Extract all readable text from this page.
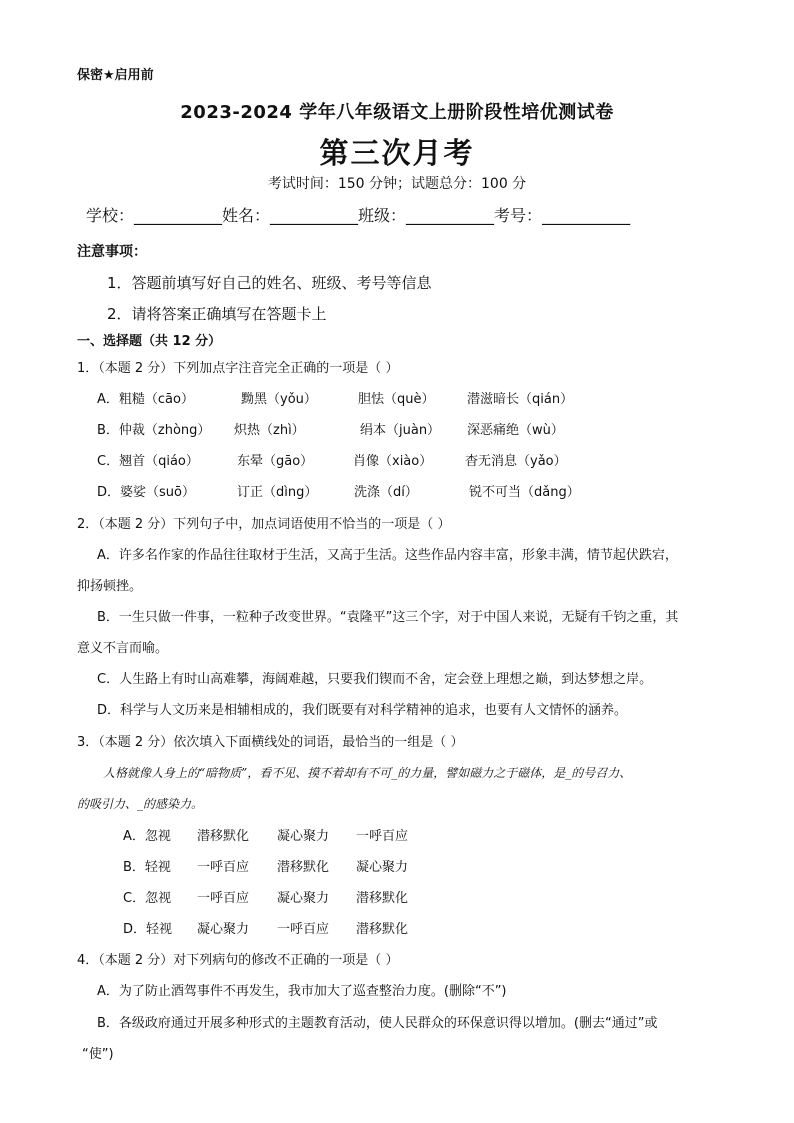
保密★启用前
2023-2024 学年八年级语文上册阶段性培优测试卷
第三次月考
考试时间：150 分钟；试题总分：100 分
学校：___________姓名：___________班级：___________考号：___________
注意事项：
1．答题前填写好自己的姓名、班级、考号等信息
2．请将答案正确填写在答题卡上
一、选择题（共 12 分）
1．（本题 2 分）下列加点字注音完全正确的一项是（ ）
A．粗糙（cāo）	黝黑（yǒu）	胆怯（què）	潜滋暗长（qián）
B．仲裁（zhòng） 炽热（zhì）	绢本（juàn） 深恶痛绝（wù）
C．翘首（qiáo）	东晕（gāo）	肖像（xiào）	杳无消息（yǎo）
D．婆娑（suō）	订正（dìng）	洗涤（dí）	锐不可当（dǎng）
2．（本题 2 分）下列句子中，加点词语使用不恰当的一项是（ ）
A．许多名作家的作品往往取材于生活，又高于生活。这些作品内容丰富，形象丰满，情节起伏跌宕，
抑扬顿挫。
B．一生只做一件事，一粒种子改变世界。“袁隆平”这三个字，对于中国人来说，无疑有千钧之重，其
意义不言而喻。
C．人生路上有时山高难攀，海阔难越，只要我们锲而不舍，定会登上理想之巅，到达梦想之岸。
D．科学与人文历来是相辅相成的，我们既要有对科学精神的追求，也要有人文情怀的涵养。
3．（本题 2 分）依次填入下面横线处的词语，最恰当的一组是（ ）
人格就像人身上的“暗物质”，看不见、摸不着却有不可_的力量，譬如磁力之于磁体，是_的号召力、
的吸引力、_的感染力。
A．忽视 潜移默化 凝心聚力 一呼百应
B．轻视 一呼百应 潜移默化 凝心聚力
C．忽视 一呼百应 凝心聚力 潜移默化
D．轻视 凝心聚力 一呼百应 潜移默化
4．（本题 2 分）对下列病句的修改不正确的一项是（ ）
A．为了防止酒驾事件不再发生，我市加大了巡查整治力度。(删除“不”)
B．各级政府通过开展多种形式的主题教育活动，使人民群众的环保意识得以增加。(删去“通过”或
“使”)
